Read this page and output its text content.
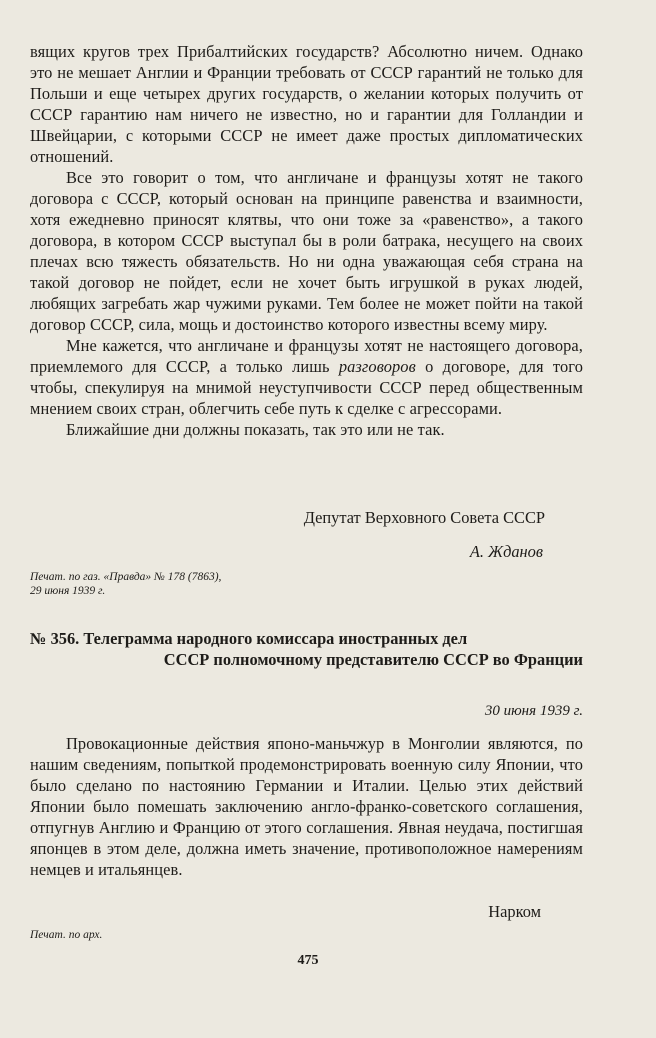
вящих кругов трех Прибалтийских государств? Абсолютно ничем. Однако это не мешает Англии и Франции требовать от СССР гарантий не только для Польши и еще четырех других государств, о желании которых получить от СССР гарантию нам ничего не известно, но и гарантии для Голландии и Швейцарии, с которыми СССР не имеет даже простых дипломатических отношений.

Все это говорит о том, что англичане и французы хотят не такого договора с СССР, который основан на принципе равенства и взаимности, хотя ежедневно приносят клятвы, что они тоже за «равенство», а такого договора, в котором СССР выступал бы в роли батрака, несущего на своих плечах всю тяжесть обязательств. Но ни одна уважающая себя страна на такой договор не пойдет, если не хочет быть игрушкой в руках людей, любящих загребать жар чужими руками. Тем более не может пойти на такой договор СССР, сила, мощь и достоинство которого известны всему миру.

Мне кажется, что англичане и французы хотят не настоящего договора, приемлемого для СССР, а только лишь разговоров о договоре, для того чтобы, спекулируя на мнимой неуступчивости СССР перед общественным мнением своих стран, облегчить себе путь к сделке с агрессорами.

Ближайшие дни должны показать, так это или не так.

Депутат Верховного Совета СССР
А. Жданов
Печат. по газ. «Правда» № 178 (7863),
29 июня 1939 г.
№ 356. Телеграмма народного комиссара иностранных дел
СССР полномочному представителю СССР во Франции
30 июня 1939 г.

Провокационные действия японо-маньчжур в Монголии являются, по нашим сведениям, попыткой продемонстрировать военную силу Японии, что было сделано по настоянию Германии и Италии. Целью этих действий Японии было помешать заключению англо-франко-советского соглашения, отпугнув Англию и Францию от этого соглашения. Явная неудача, постигшая японцев в этом деле, должна иметь значение, противоположное намерениям немцев и итальянцев.

Нарком
Печат. по арх.
475
